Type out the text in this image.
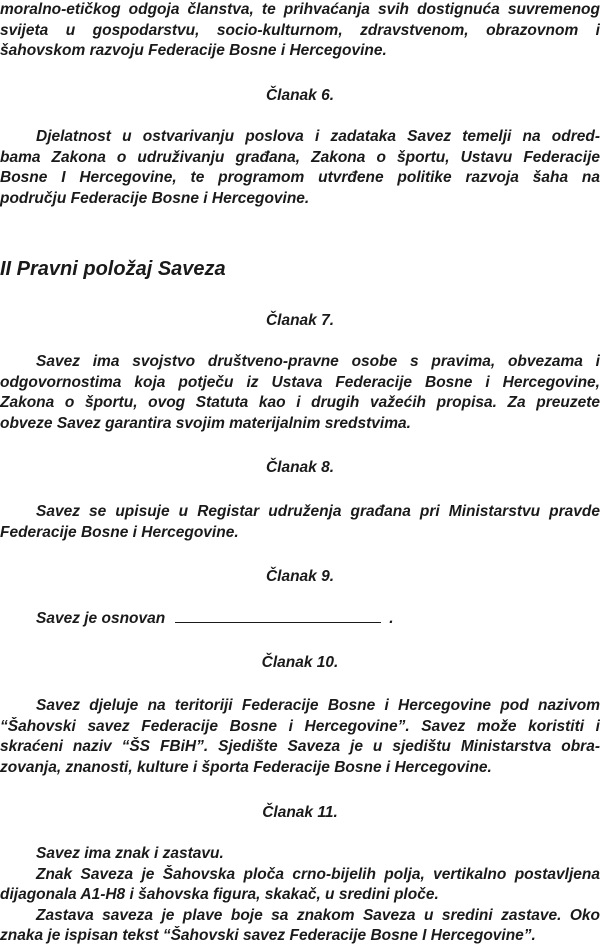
moralno-etičkog odgoja članstva, te prihvaćanja svih dostignuća suvremenog
svijeta u gospodarstvu, socio-kulturnom, zdravstvenom, obrazovnom i
šahovskom razvoju Federacije Bosne i Hercegovine.
Članak 6.
Djelatnost u ostvarivanju poslova i zadataka Savez temelji na odred-
bama Zakona o udruživanju građana, Zakona o športu, Ustavu Federacije
Bosne I Hercegovine, te programom utvrđene politike razvoja šaha na
području Federacije Bosne i Hercegovine.
II Pravni položaj Saveza
Članak 7.
Savez ima svojstvo društveno-pravne osobe s pravima, obvezama i
odgovornostima koja potječu iz Ustava Federacije Bosne i Hercegovine,
Zakona o športu, ovog Statuta kao i drugih važećih propisa. Za preuzete
obveze Savez garantira svojim materijalnim sredstvima.
Članak 8.
Savez se upisuje u Registar udruženja građana pri Ministarstvu pravde
Federacije Bosne i Hercegovine.
Članak 9.
Savez je osnovan	.
Članak 10.
Savez djeluje na teritoriji Federacije Bosne i Hercegovine pod nazivom
“Šahovski savez Federacije Bosne i Hercegovine”. Savez može koristiti i
skraćeni naziv “ŠS FBiH”. Sjedište Saveza je u sjedištu Ministarstva obra-
zovanja, znanosti, kulture i športa Federacije Bosne i Hercegovine.
Članak 11.
Savez ima znak i zastavu.
Znak Saveza je Šahovska ploča crno-bijelih polja, vertikalno postavljena
dijagonala A1-H8 i šahovska figura, skakač, u sredini ploče.
Zastava saveza je plave boje sa znakom Saveza u sredini zastave. Oko
znaka je ispisan tekst “Šahovski savez Federacije Bosne I Hercegovine”.
